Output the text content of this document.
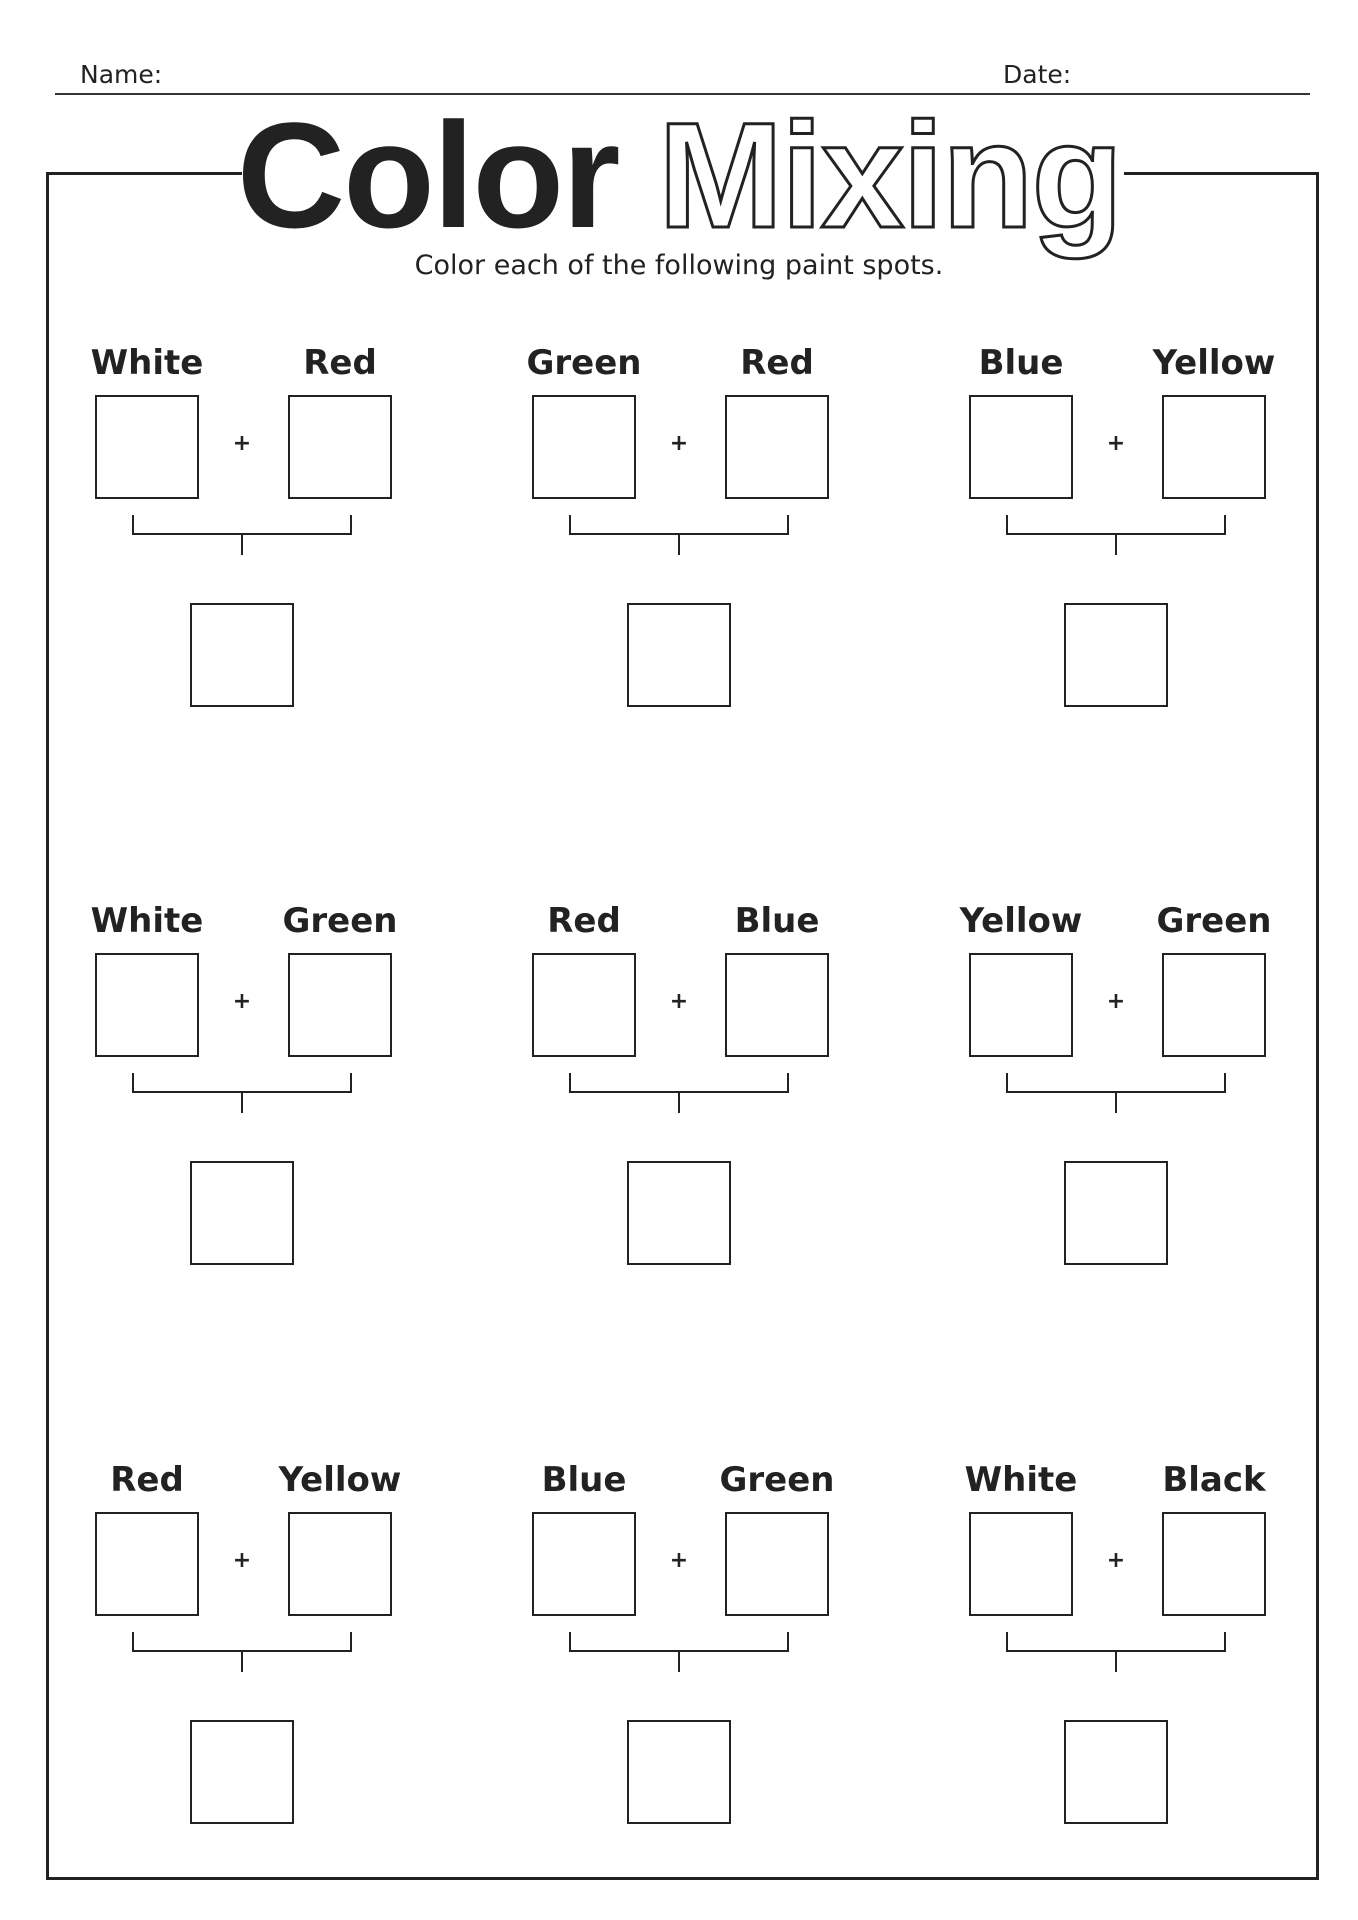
Name:	Date:
Color Mixing
Color each of the following paint spots.
White	Red
+
Green	Red
+
Blue	Yellow
+
White	Green
+
Red	Blue
+
Yellow	Green
+
Red	Yellow
+
Blue	Green
+
White	Black
+
